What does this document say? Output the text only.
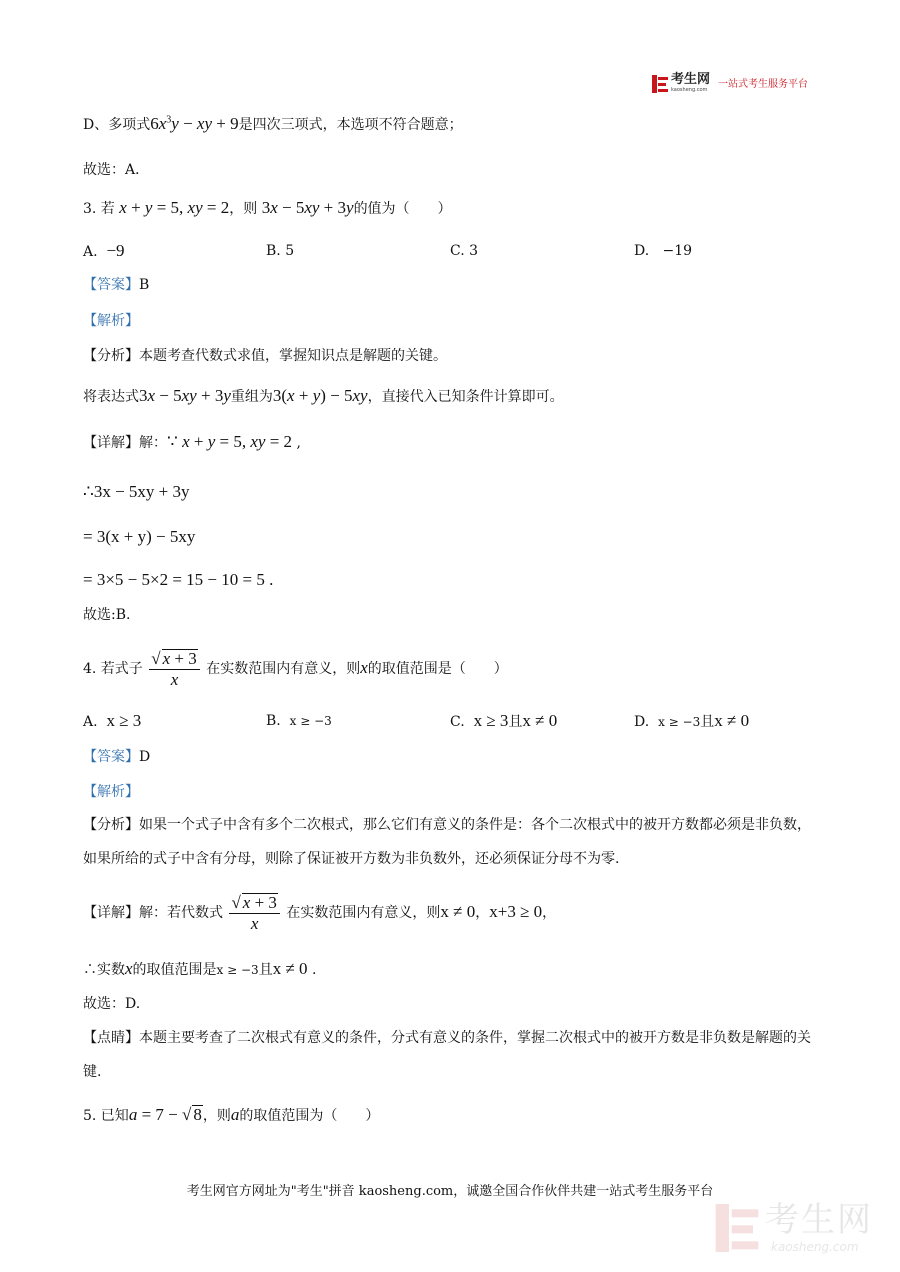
考生网
kaosheng.com 一站式考生服务平台
D、多项式$6x^3y$ − xy + 9是四次三项式，本选项不符合题意；
故选：A．
3. 若 x + y = 5, xy = 2，则 3x − 5xy + 3y的值为（　　）
A. −9	B. 5	C. 3	D. −19
【答案】B
【解析】
【分析】本题考查代数式求值，掌握知识点是解题的关键。
将表达式3x − 5xy + 3y重组为3(x + y) − 5xy，直接代入已知条件计算即可。
【详解】解：∵ x + y = 5, xy = 2 ,
∴3x − 5xy + 3y
= 3(x + y) − 5xy
= 3×5 − 5×2 = 15 − 10 = 5 .
故选:B.
4. 若式子 $\frac{√ x + 3}{x}$ 在实数范围内有意义，则x的取值范围是（　　）
A. x ≥ 3	B. x ≥ −3	C. x ≥ 3且x ≠ 0	D. x ≥ −3且x ≠ 0
【答案】D
【解析】
【分析】如果一个式子中含有多个二次根式，那么它们有意义的条件是：各个二次根式中的被开方数都必须是非负数，如果所给的式子中含有分母，则除了保证被开方数为非负数外，还必须保证分母不为零.
【详解】解：若代数式 $\frac{√ x + 3}{x}$ 在实数范围内有意义，则x ≠ 0，x+3 ≥ 0，
∴实数x的取值范围是x ≥ −3且x ≠ 0 .
故选：D.
【点睛】本题主要考查了二次根式有意义的条件，分式有意义的条件，掌握二次根式中的被开方数是非负数是解题的关键.
5. 已知a = 7 − √ 8，则a的取值范围为（　　）
考生网官方网址为"考生"拼音 kaosheng.com，诚邀全国合作伙伴共建一站式考生服务平台
考生网
kaosheng.com
